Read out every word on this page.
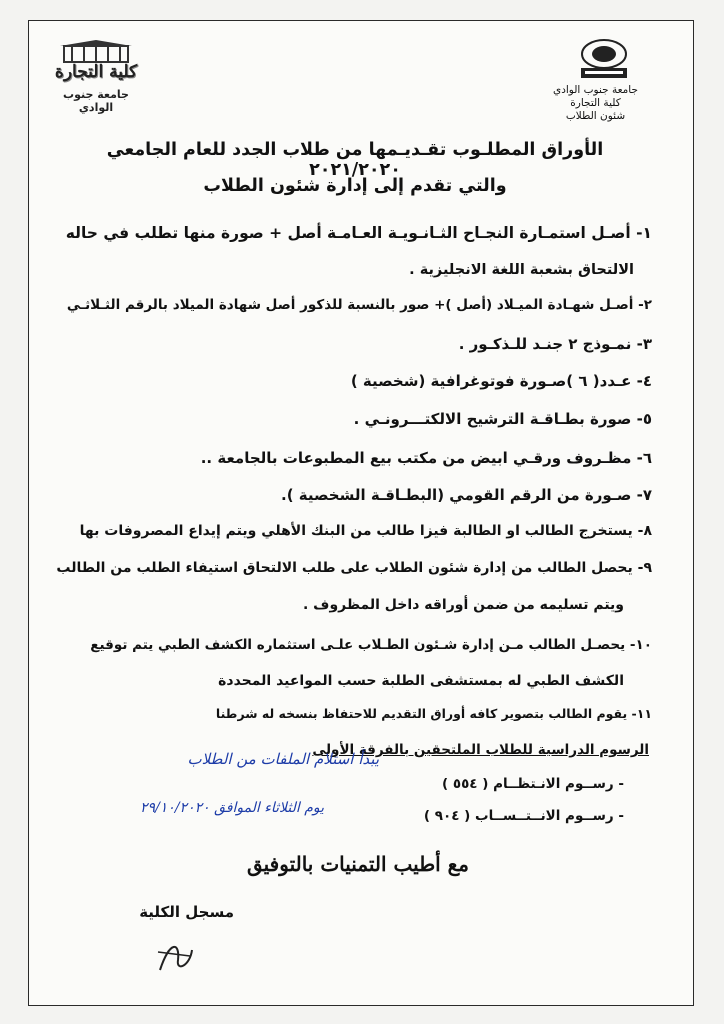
كلية التجارة
جامعة جنوب الوادي
جامعة جنوب الوادي
كلية التجارة
شئون الطلاب
الأوراق المطلـوب تقـديـمها من طلاب الجدد للعام الجامعي ٢٠٢١/٢٠٢٠
والتي تقدم إلى إدارة شئون الطلاب
١- أصـل استمـارة النجـاح الثـانـويـة العـامـة أصل + صورة منها تطلب في حاله
الالتحاق بشعبة اللغة الانجليزية .
٢- أصـل شهـادة الميـلاد (أصل )+ صور بالنسبة للذكور أصل شهادة الميلاد بالرقم الثـلاثـي
٣- نمـوذج ٢ جنـد للـذكـور .
٤- عـدد( ٦ )صـورة فوتوغرافية (شخصية )
٥- صورة بطـاقـة الترشيح الالكتـــرونـي .
٦- مظـروف ورقـي ابيض من مكتب بيع المطبوعات بالجامعة ..
٧- صـورة من الرقم القومي (البطـاقـة الشخصية ).
٨- يستخرج الطالب او الطالبة فيزا طالب من البنك الأهلي ويتم إيداع المصروفات بها
٩- يحصل الطالب من إدارة شئون الطلاب على طلب الالتحاق استيفاء الطلب من الطالب
ويتم تسليمه من ضمن أوراقه داخل المظروف .
١٠- يحصـل الطالب مـن إدارة شـئون الطـلاب علـى استثماره الكشف الطبي يتم توقيع
الكشف الطبي له بمستشفى الطلبة حسب المواعيد المحددة
١١- يقوم الطالب بتصوير كافه أوراق التقديم للاحتفاظ بنسخه له شرطنا
الرسوم الدراسية للطلاب الملتحقين بالفرقة الأولى
- رســوم الانـتظــام ( ٥٥٤ )
- رســوم الانــتــســاب ( ٩٠٤ )
يبدأ استلام الملفات من الطلاب
يوم الثلاثاء الموافق ٢٩/١٠/٢٠٢٠
مع أطيب التمنيات بالتوفيق
مسجل الكلية
